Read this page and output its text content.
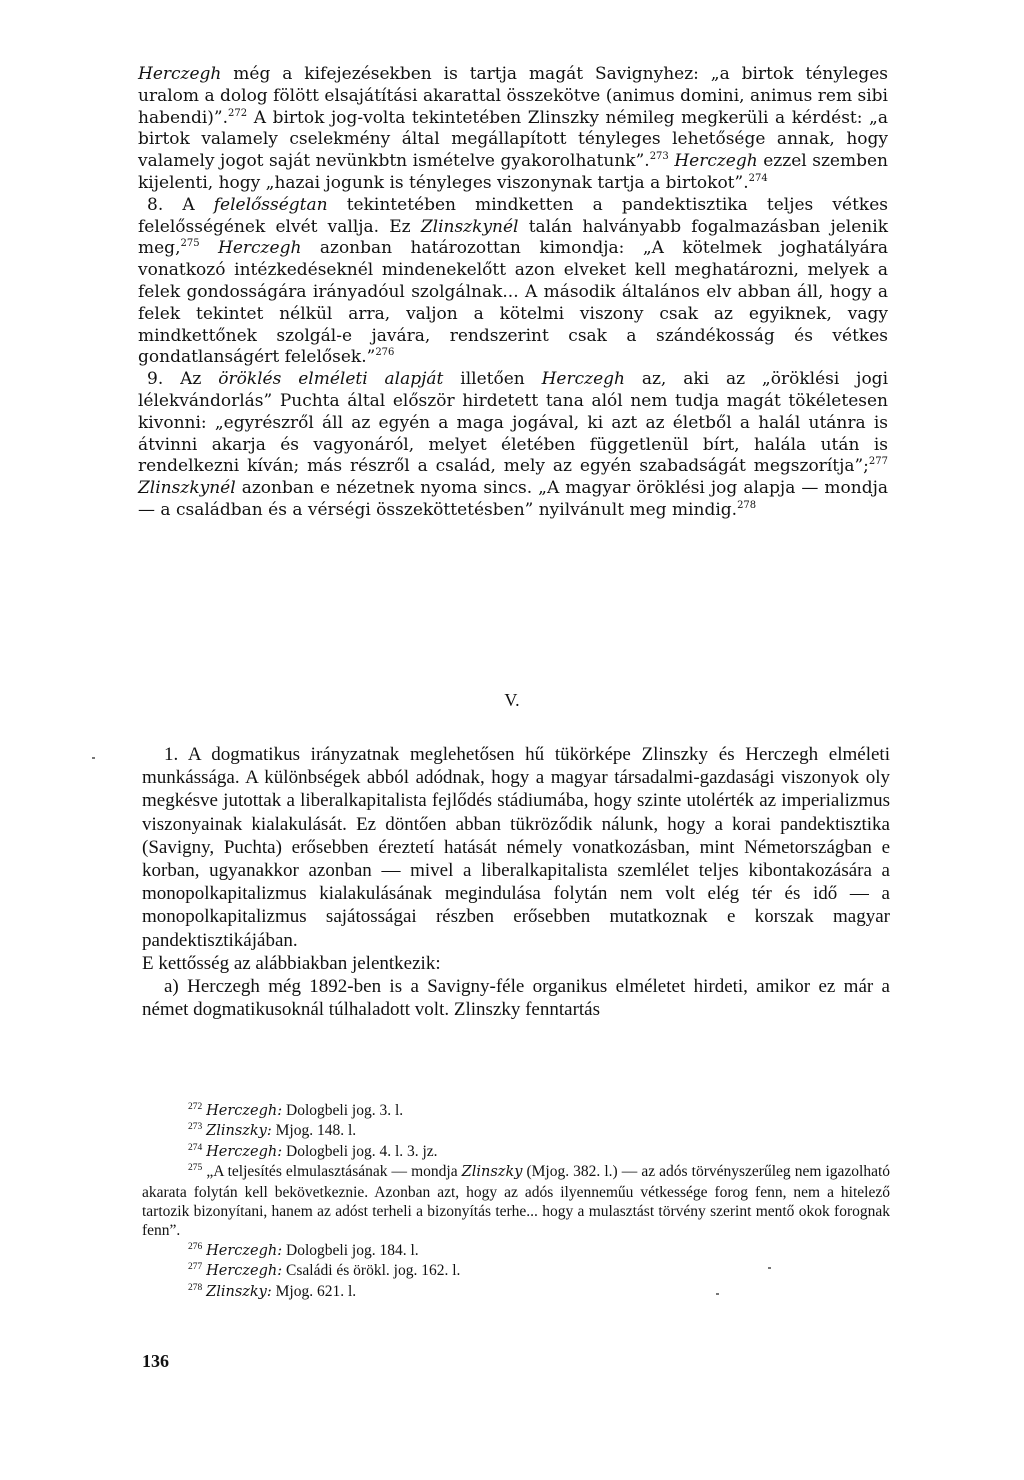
Herczegh még a kifejezésekben is tartja magát Savignyhez: „a birtok tényleges uralom a dolog fölött elsajátítási akarattal összekötve (animus domini, animus rem sibi habendi)”.$^{272}$ A birtok jog-volta tekintetében Zlinszky némileg megkerüli a kérdést: „a birtok valamely cselekmény által megállapított tényleges lehetősége annak, hogy valamely jogot saját nevünkbtn ismételve gyakorolhatunk”.$^{273}$ Herczegh ezzel szemben kijelenti, hogy „hazai jogunk is tényleges viszonynak tartja a birtokot”.$^{274}$

8. A felelősségtan tekintetében mindketten a pandektisztika teljes vétkes felelősségének elvét vallja. Ez Zlinszkynél talán halványabb fogalmazásban jelenik meg,$^{275}$ Herczegh azonban határozottan kimondja: „A kötelmek joghatályára vonatkozó intézkedéseknél mindenekelőtt azon elveket kell meghatározni, melyek a felek gondosságára irányadóul szolgálnak... A második általános elv abban áll, hogy a felek tekintet nélkül arra, valjon a kötelmi viszony csak az egyiknek, vagy mindkettőnek szolgál-e javára, rendszerint csak a szándékosság és vétkes gondatlanságért felelősek.”$^{276}$

9. Az öröklés elméleti alapját illetően Herczegh az, aki az „öröklési jogi lélekvándorlás” Puchta által először hirdetett tana alól nem tudja magát tökéletesen kivonni: „egyrészről áll az egyén a maga jogával, ki azt az életből a halál utánra is átvinni akarja és vagyonáról, melyet életében függetlenül bírt, halála után is rendelkezni kíván; más részről a család, mely az egyén szabadságát megszorítja”;$^{277}$ Zlinszkynél azonban e nézetnek nyoma sincs. „A magyar öröklési jog alapja — mondja — a családban és a vérségi összeköttetésben” nyilvánult meg mindig.$^{278}$

V.

1. A dogmatikus irányzatnak meglehetősen hű tükörképe Zlinszky és Herczegh elméleti munkássága. A különbségek abból adódnak, hogy a magyar társadalmi-gazdasági viszonyok oly megkésve jutottak a liberalkapitalista fejlődés stádiumába, hogy szinte utolérték az imperializmus viszonyainak kialakulását. Ez döntően abban tükröződik nálunk, hogy a korai pandektisztika (Savigny, Puchta) erősebben éreztetí hatását némely vonatkozásban, mint Németországban e korban, ugyanakkor azonban — mivel a liberalkapitalista szemlélet teljes kibontakozására a monopolkapitalizmus kialakulásának megindulása folytán nem volt elég tér és idő — a monopolkapitalizmus sajátosságai részben erősebben mutatkoznak e korszak magyar pandektisztikájában.

E kettősség az alábbiakban jelentkezik:

a) Herczegh még 1892-ben is a Savigny-féle organikus elméletet hirdeti, amikor ez már a német dogmatikusoknál túlhaladott volt. Zlinszky fenntartás

$^{272}$ Herczegh: Dologbeli jog. 3. l.

$^{273}$ Zlinszky: Mjog. 148. l.

$^{274}$ Herczegh: Dologbeli jog. 4. l. 3. jz.

$^{275}$ „A teljesítés elmulasztásának — mondja Zlinszky (Mjog. 382. l.) — az adós törvényszerűleg nem igazolható akarata folytán kell bekövetkeznie. Azonban azt, hogy az adós ilyenneműu vétkessége forog fenn, nem a hitelező tartozik bizonyítani, hanem az adóst terheli a bizonyítás terhe... hogy a mulasztást törvény szerint mentő okok forognak fenn”.

$^{276}$ Herczegh: Dologbeli jog. 184. l.

$^{277}$ Herczegh: Családi és örökl. jog. 162. l.

$^{278}$ Zlinszky: Mjog. 621. l.

136
